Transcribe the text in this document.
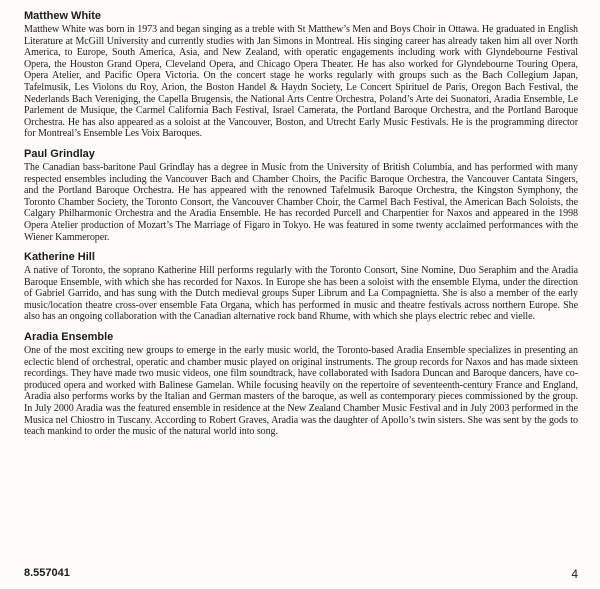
Matthew White

Matthew White was born in 1973 and began singing as a treble with St Matthew’s Men and Boys Choir in Ottawa. He graduated in English Literature at McGill University and currently studies with Jan Simons in Montreal. His singing career has already taken him all over North America, to Europe, South America, Asia, and New Zealand, with operatic engagements including work with Glyndebourne Festival Opera, the Houston Grand Opera, Cleveland Opera, and Chicago Opera Theater. He has also worked for Glyndebourne Touring Opera, Opera Atelier, and Pacific Opera Victoria. On the concert stage he works regularly with groups such as the Bach Collegium Japan, Tafelmusik, Les Violons du Roy, Arion, the Boston Handel & Haydn Society, Le Concert Spirituel de Paris, Oregon Bach Festival, the Nederlands Bach Vereniging, the Capella Brugensis, the National Arts Centre Orchestra, Poland’s Arte dei Suonatori, Aradia Ensemble, Le Parlement de Musique, the Carmel California Bach Festival, Israel Camerata, the Portland Baroque Orchestra, and the Portland Baroque Orchestra. He has also appeared as a soloist at the Vancouver, Boston, and Utrecht Early Music Festivals. He is the programming director for Montreal’s Ensemble Les Voix Baroques.

Paul Grindlay

The Canadian bass-baritone Paul Grindlay has a degree in Music from the University of British Columbia, and has performed with many respected ensembles including the Vancouver Bach and Chamber Choirs, the Pacific Baroque Orchestra, the Vancouver Cantata Singers, and the Portland Baroque Orchestra. He has appeared with the renowned Tafelmusik Baroque Orchestra, the Kingston Symphony, the Toronto Chamber Society, the Toronto Consort, the Vancouver Chamber Choir, the Carmel Bach Festival, the American Bach Soloists, the Calgary Philharmonic Orchestra and the Aradia Ensemble. He has recorded Purcell and Charpentier for Naxos and appeared in the 1998 Opera Atelier production of Mozart’s The Marriage of Figaro in Tokyo. He was featured in some twenty acclaimed performances with the Wiener Kammeroper.

Katherine Hill

A native of Toronto, the soprano Katherine Hill performs regularly with the Toronto Consort, Sine Nomine, Duo Seraphim and the Aradia Baroque Ensemble, with which she has recorded for Naxos. In Europe she has been a soloist with the ensemble Elyma, under the direction of Gabriel Garrido, and has sung with the Dutch medieval groups Super Librum and La Compagnietta. She is also a member of the early music/location theatre cross-over ensemble Fata Organa, which has performed in music and theatre festivals across northern Europe. She also has an ongoing collaboration with the Canadian alternative rock band Rhume, with which she plays electric rebec and vielle.

Aradia Ensemble

One of the most exciting new groups to emerge in the early music world, the Toronto-based Aradia Ensemble specializes in presenting an eclectic blend of orchestral, operatic and chamber music played on original instruments. The group records for Naxos and has made sixteen recordings. They have made two music videos, one film soundtrack, have collaborated with Isadora Duncan and Baroque dancers, have co-produced opera and worked with Balinese Gamelan. While focusing heavily on the repertoire of seventeenth-century France and England, Aradia also performs works by the Italian and German masters of the baroque, as well as contemporary pieces commissioned by the group. In July 2000 Aradia was the featured ensemble in residence at the New Zealand Chamber Music Festival and in July 2003 performed in the Musica nel Chiostro in Tuscany. According to Robert Graves, Aradia was the daughter of Apollo’s twin sisters. She was sent by the gods to teach mankind to order the music of the natural world into song.

8.557041	4
